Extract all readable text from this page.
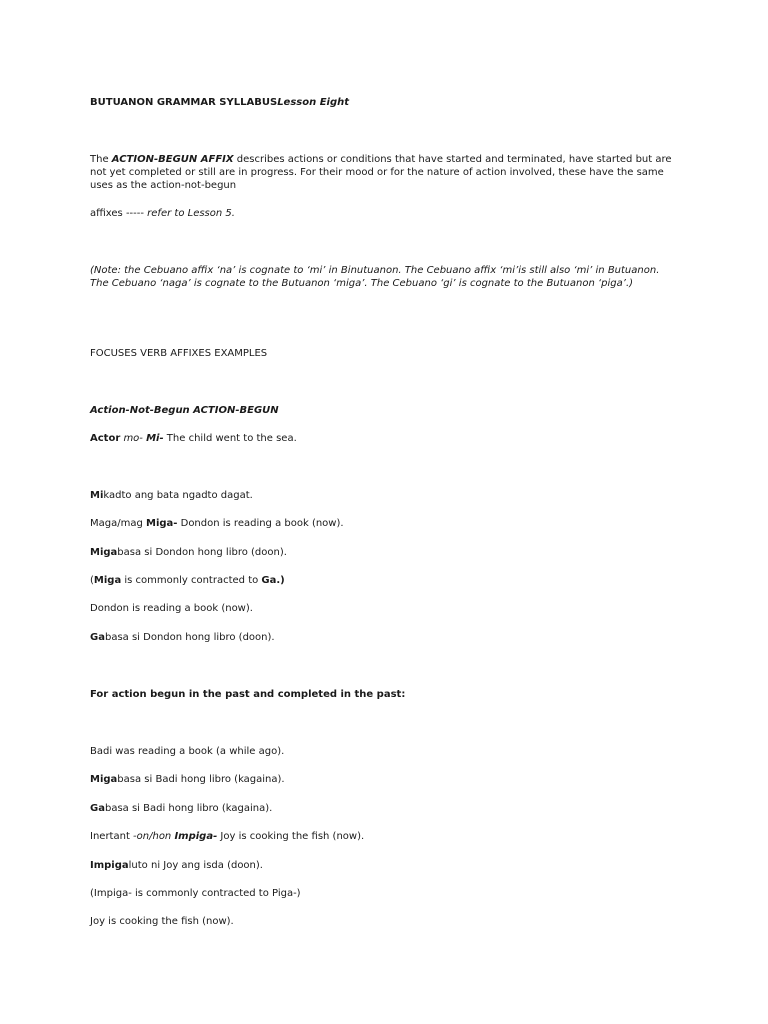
BUTUANON GRAMMAR SYLLABUSLesson Eight

The ACTION-BEGUN AFFIX describes actions or conditions that have started and terminated, have started but are not yet completed or still are in progress. For their mood or for the nature of action involved, these have the same uses as the action-not-begun

affixes ----- refer to Lesson 5.

(Note: the Cebuano affix ‘na’ is cognate to ‘mi’ in Binutuanon. The Cebuano affix ‘mi’is still also ‘mi’ in Butuanon. The Cebuano ‘naga’ is cognate to the Butuanon ‘miga’. The Cebuano ‘gi’ is cognate to the Butuanon ‘piga’.)

FOCUSES VERB AFFIXES EXAMPLES

Action-Not-Begun ACTION-BEGUN

Actor mo- Mi- The child went to the sea.

Mikadto ang bata ngadto dagat.

Maga/mag Miga- Dondon is reading a book (now).

Migabasa si Dondon hong libro (doon).

(Miga is commonly contracted to Ga.)

Dondon is reading a book (now).

Gabasa si Dondon hong libro (doon).

For action begun in the past and completed in the past:

Badi was reading a book (a while ago).

Migabasa si Badi hong libro (kagaina).

Gabasa si Badi hong libro (kagaina).

Inertant -on/hon Impiga- Joy is cooking the fish (now).

Impigaluto ni Joy ang isda (doon).

(Impiga- is commonly contracted to Piga-)

Joy is cooking the fish (now).
